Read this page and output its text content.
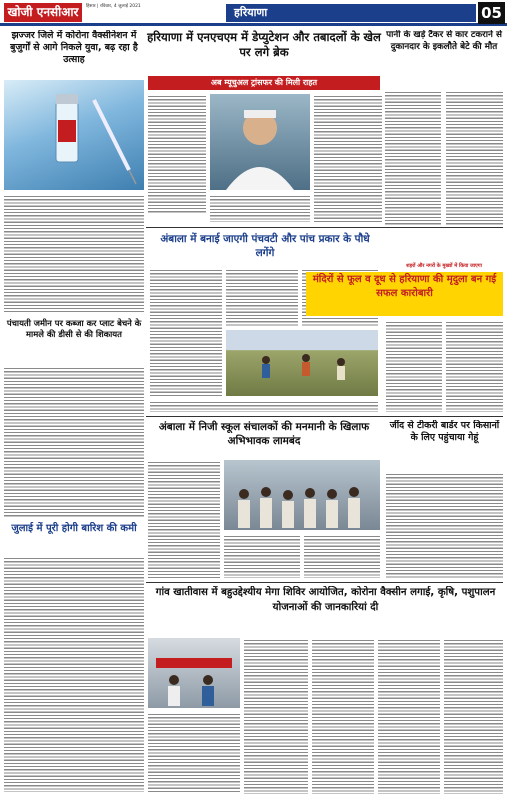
खोजी एनसीआर	हिसार | रविवार, 4 जुलाई 2021	हरियाणा	05
झज्जर जिले में कोरोना वैक्सीनेशन में बुजुर्गों से आगे निकले युवा, बढ़ रहा है उत्साह
हरियाणा में एनएचएम में डेप्युटेशन और तबादलों के खेल पर लगे ब्रेक
अब म्यूचुअल ट्रांसफर की मिली राहत
पानी के खड़े टैंकर से कार टकराने से दुकानदार के इकलौते बेटे की मौत
अंबाला में बनाई जाएगी पंचवटी और पांच प्रकार के पौधे लगेंगे
शहरों और नगरों के मुख्यों में किया जाएगा
मंदिरों से फूल व दूध से हरियाणा की मृदुला बन गई सफल कारोबारी
पंचायती जमीन पर कब्जा कर प्लाट बेचने के मामले की डीसी से की शिकायत
जुलाई में पूरी होगी बारिश की कमी
अंबाला में निजी स्कूल संचालकों की मनमानी के खिलाफ अभिभावक लामबंद
जींद से टीकरी बार्डर पर किसानों के लिए पहुंचाया गेहूं
गांव खातीवास में बहुउद्देश्यीय मेगा शिविर आयोजित, कोरोना वैक्सीन लगाई, कृषि, पशुपालन योजनाओं की जानकारियां दी
